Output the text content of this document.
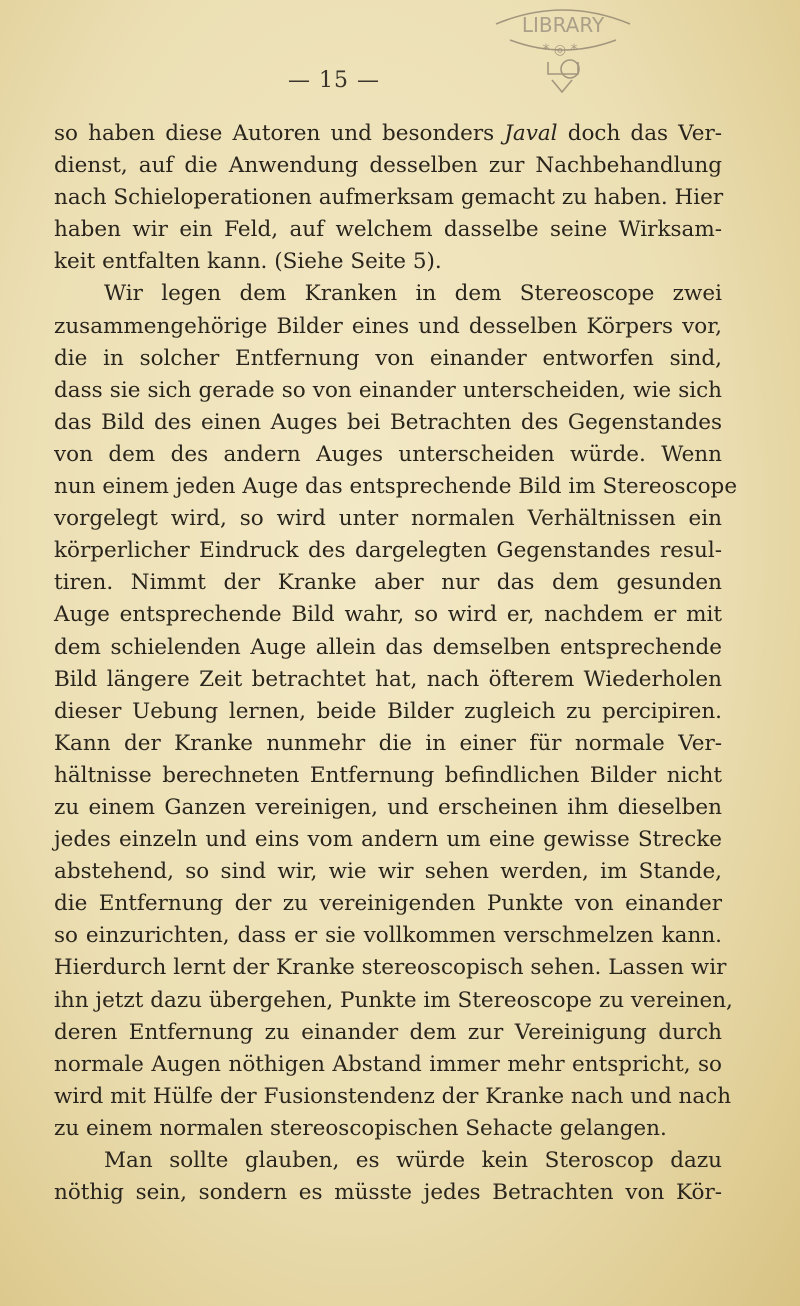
LIBRARY
* ◎ *
— 15 —
so haben diese Autoren und besonders Javal doch das Ver-
dienst, auf die Anwendung desselben zur Nachbehandlung
nach Schieloperationen aufmerksam gemacht zu haben. Hier
haben wir ein Feld, auf welchem dasselbe seine Wirksam-
keit entfalten kann. (Siehe Seite 5).
Wir legen dem Kranken in dem Stereoscope zwei
zusammengehörige Bilder eines und desselben Körpers vor,
die in solcher Entfernung von einander entworfen sind,
dass sie sich gerade so von einander unterscheiden, wie sich
das Bild des einen Auges bei Betrachten des Gegenstandes
von dem des andern Auges unterscheiden würde. Wenn
nun einem jeden Auge das entsprechende Bild im Stereoscope
vorgelegt wird, so wird unter normalen Verhältnissen ein
körperlicher Eindruck des dargelegten Gegenstandes resul-
tiren. Nimmt der Kranke aber nur das dem gesunden
Auge entsprechende Bild wahr, so wird er, nachdem er mit
dem schielenden Auge allein das demselben entsprechende
Bild längere Zeit betrachtet hat, nach öfterem Wiederholen
dieser Uebung lernen, beide Bilder zugleich zu percipiren.
Kann der Kranke nunmehr die in einer für normale Ver-
hältnisse berechneten Entfernung befindlichen Bilder nicht
zu einem Ganzen vereinigen, und erscheinen ihm dieselben
jedes einzeln und eins vom andern um eine gewisse Strecke
abstehend, so sind wir, wie wir sehen werden, im Stande,
die Entfernung der zu vereinigenden Punkte von einander
so einzurichten, dass er sie vollkommen verschmelzen kann.
Hierdurch lernt der Kranke stereoscopisch sehen. Lassen wir
ihn jetzt dazu übergehen, Punkte im Stereoscope zu vereinen,
deren Entfernung zu einander dem zur Vereinigung durch
normale Augen nöthigen Abstand immer mehr entspricht, so
wird mit Hülfe der Fusionstendenz der Kranke nach und nach
zu einem normalen stereoscopischen Sehacte gelangen.
Man sollte glauben, es würde kein Steroscop dazu
nöthig sein, sondern es müsste jedes Betrachten von Kör-
